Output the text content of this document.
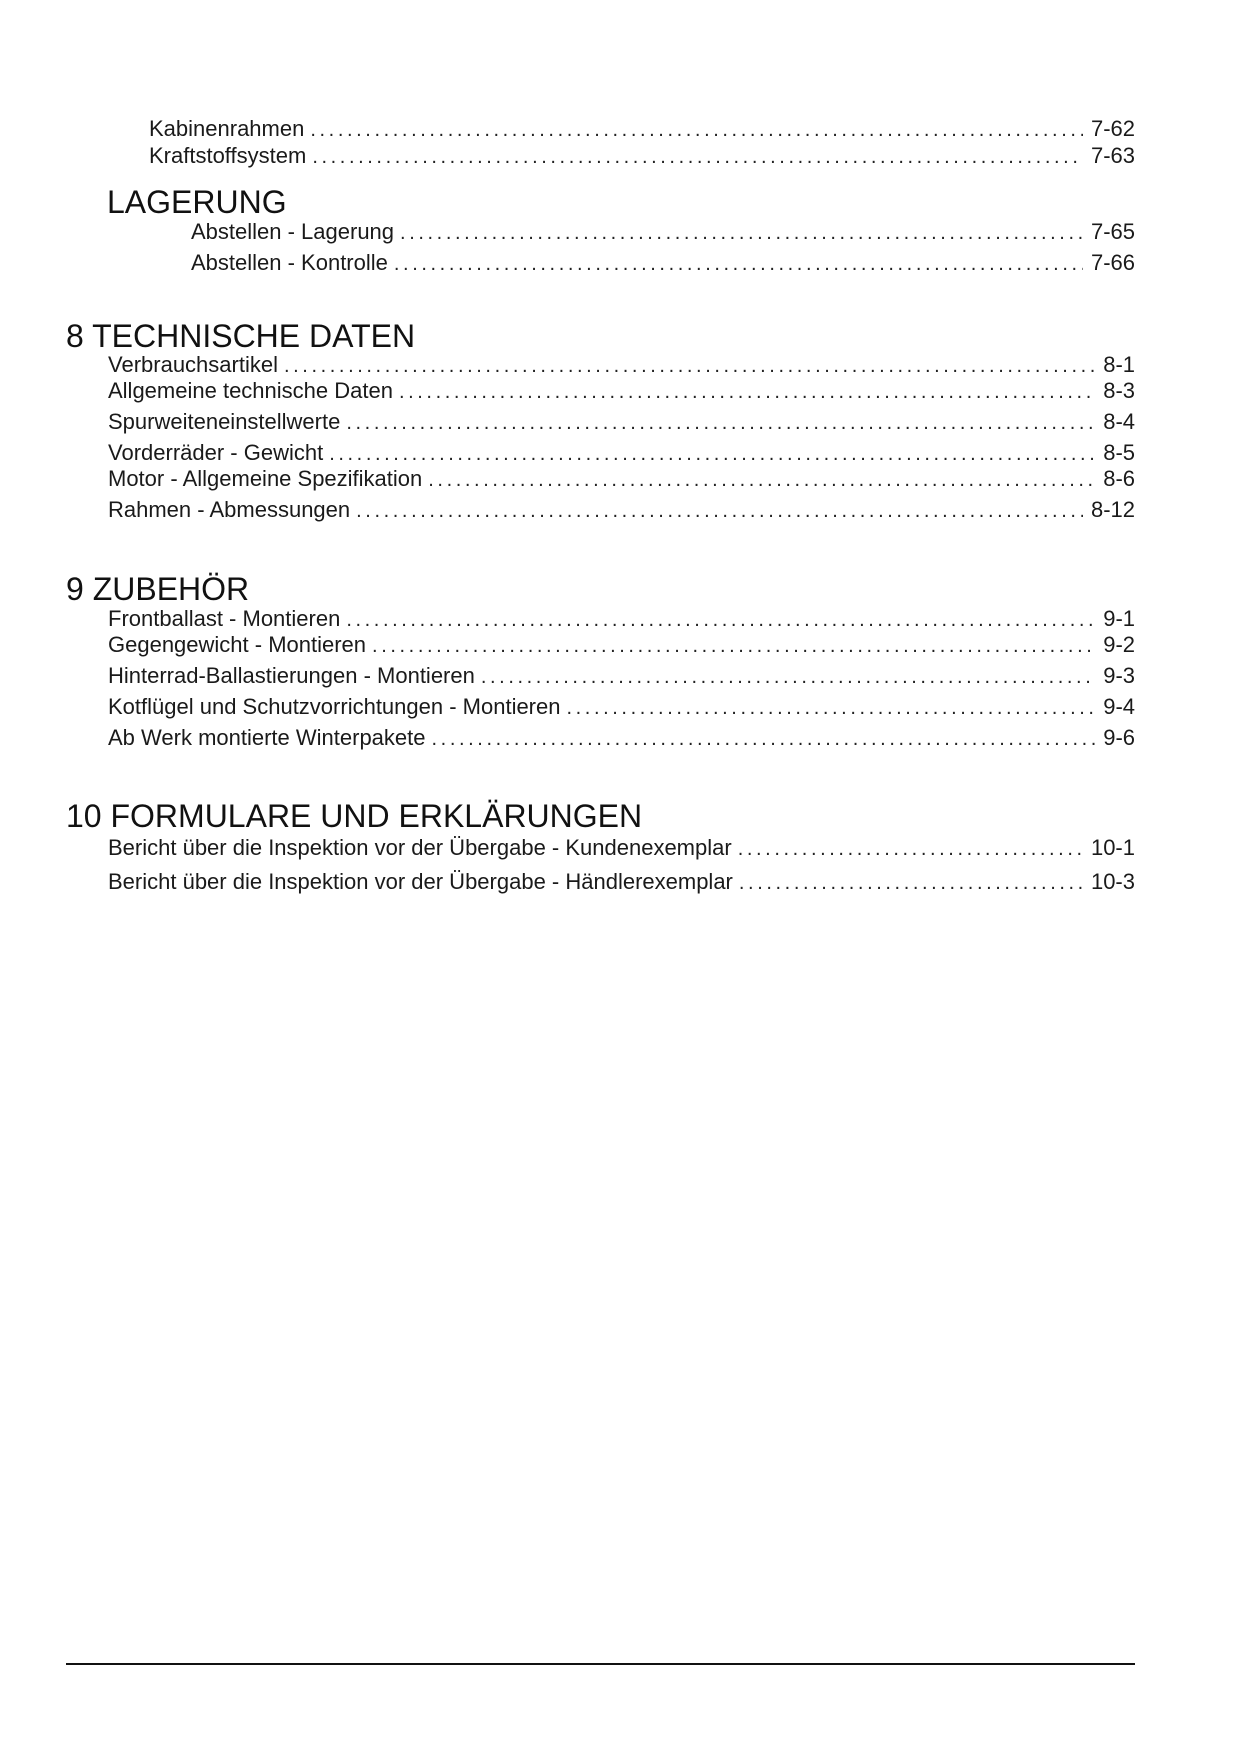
Kabinenrahmen .....	7-62
Kraftstoffsystem .....	7-63
LAGERUNG
Abstellen - Lagerung .....	7-65
Abstellen - Kontrolle .....	7-66
8 TECHNISCHE DATEN
Verbrauchsartikel .....	8-1
Allgemeine technische Daten .....	8-3
Spurweiteneinstellwerte .....	8-4
Vorderräder - Gewicht .....	8-5
Motor - Allgemeine Spezifikation .....	8-6
Rahmen - Abmessungen .....	8-12
9 ZUBEHÖR
Frontballast - Montieren .....	9-1
Gegengewicht - Montieren .....	9-2
Hinterrad-Ballastierungen - Montieren .....	9-3
Kotflügel und Schutzvorrichtungen - Montieren .....	9-4
Ab Werk montierte Winterpakete .....	9-6
10 FORMULARE UND ERKLÄRUNGEN
Bericht über die Inspektion vor der Übergabe - Kundenexemplar .....	10-1
Bericht über die Inspektion vor der Übergabe - Händlerexemplar .....	10-3
